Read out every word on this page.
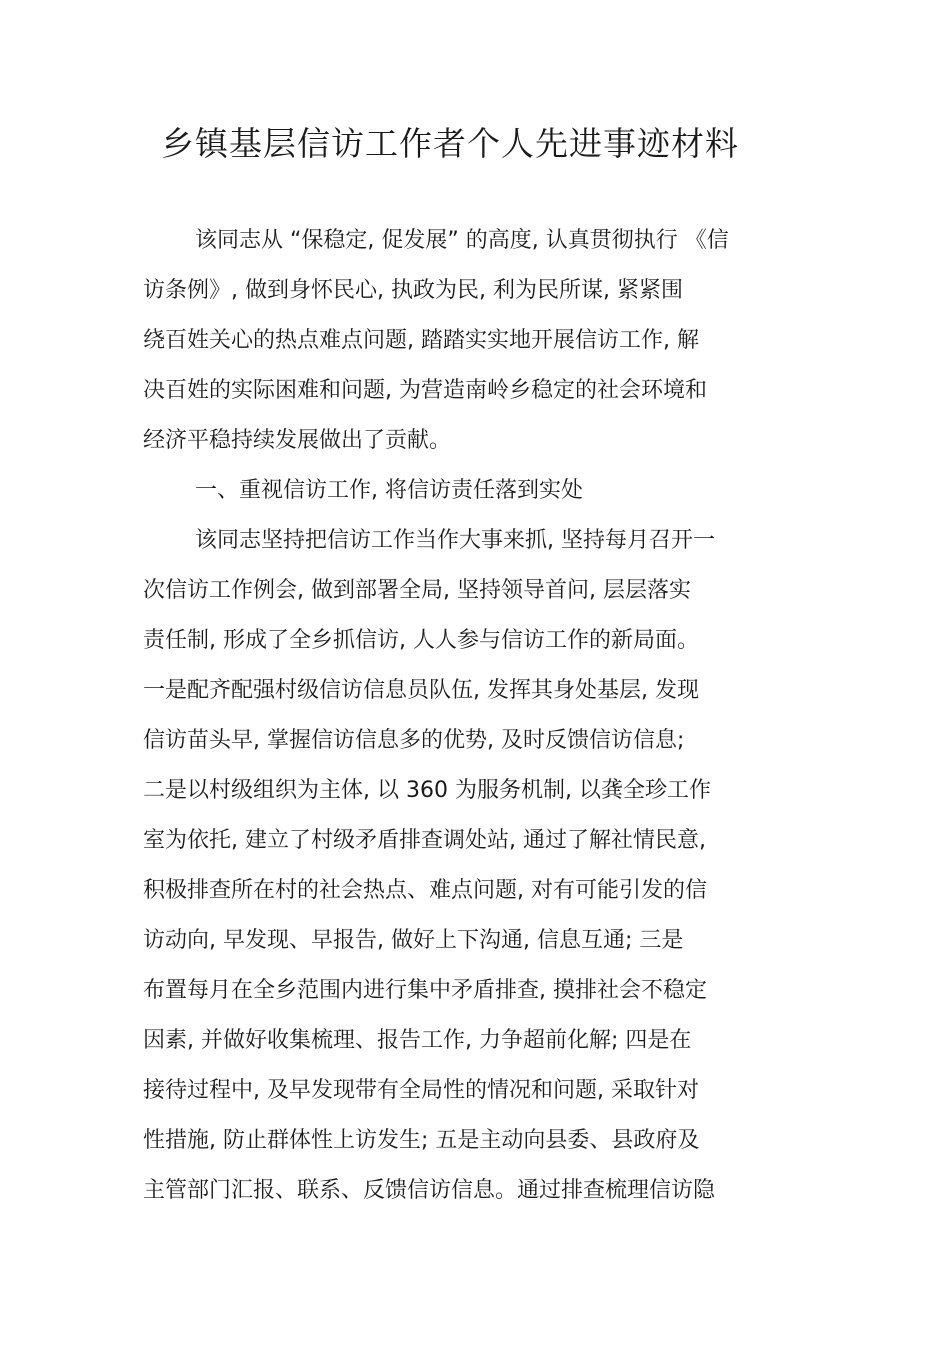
乡镇基层信访工作者个人先进事迹材料
该同志从 “保稳定, 促发展” 的高度, 认真贯彻执行 《信
访条例》, 做到身怀民心, 执政为民, 利为民所谋, 紧紧围
绕百姓关心的热点难点问题, 踏踏实实地开展信访工作, 解
决百姓的实际困难和问题, 为营造南岭乡稳定的社会环境和
经济平稳持续发展做出了贡献。
一、重视信访工作, 将信访责任落到实处
该同志坚持把信访工作当作大事来抓, 坚持每月召开一
次信访工作例会, 做到部署全局, 坚持领导首问, 层层落实
责任制, 形成了全乡抓信访, 人人参与信访工作的新局面。
一是配齐配强村级信访信息员队伍, 发挥其身处基层, 发现
信访苗头早, 掌握信访信息多的优势, 及时反馈信访信息;
二是以村级组织为主体, 以 360 为服务机制, 以龚全珍工作
室为依托, 建立了村级矛盾排查调处站, 通过了解社情民意,
积极排查所在村的社会热点、难点问题, 对有可能引发的信
访动向, 早发现、早报告, 做好上下沟通, 信息互通; 三是
布置每月在全乡范围内进行集中矛盾排查, 摸排社会不稳定
因素, 并做好收集梳理、报告工作, 力争超前化解; 四是在
接待过程中, 及早发现带有全局性的情况和问题, 采取针对
性措施, 防止群体性上访发生; 五是主动向县委、县政府及
主管部门汇报、联系、反馈信访信息。通过排查梳理信访隐
